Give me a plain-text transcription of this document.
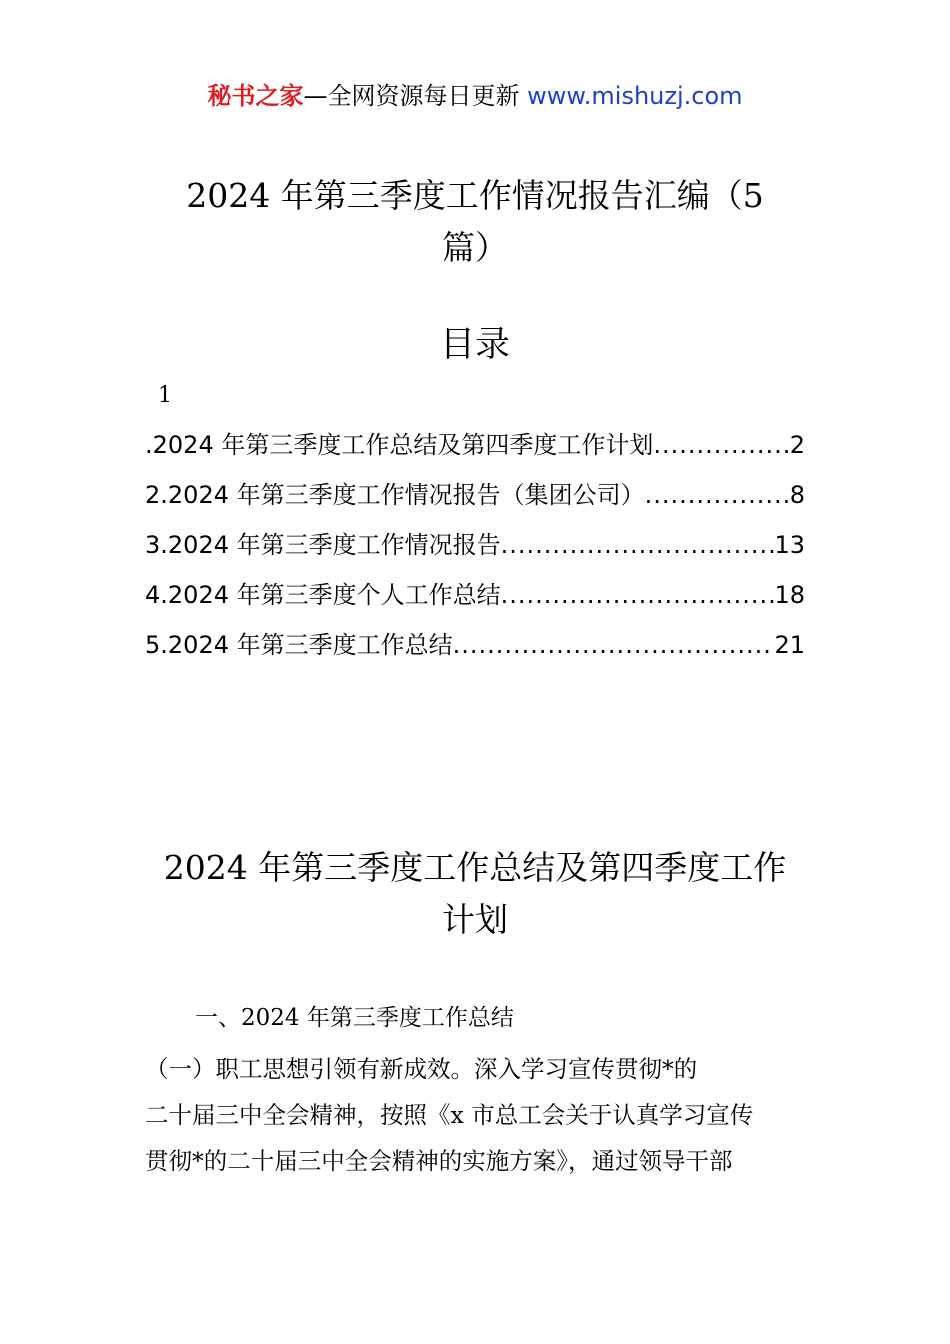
秘书之家—全网资源每日更新 www.mishuzj.com
2024 年第三季度工作情况报告汇编（5
篇）
目录
1
.2024 年第三季度工作总结及第四季度工作计划 .....	2
2.2024 年第三季度工作情况报告（集团公司） .....	8
3.2024 年第三季度工作情况报告 .....	13
4.2024 年第三季度个人工作总结 .....	18
5.2024 年第三季度工作总结 .....	21
2024 年第三季度工作总结及第四季度工作
计划
一、2024 年第三季度工作总结
（一）职工思想引领有新成效。深入学习宣传贯彻*的
二十届三中全会精神，按照《x 市总工会关于认真学习宣传
贯彻*的二十届三中全会精神的实施方案》，通过领导干部
